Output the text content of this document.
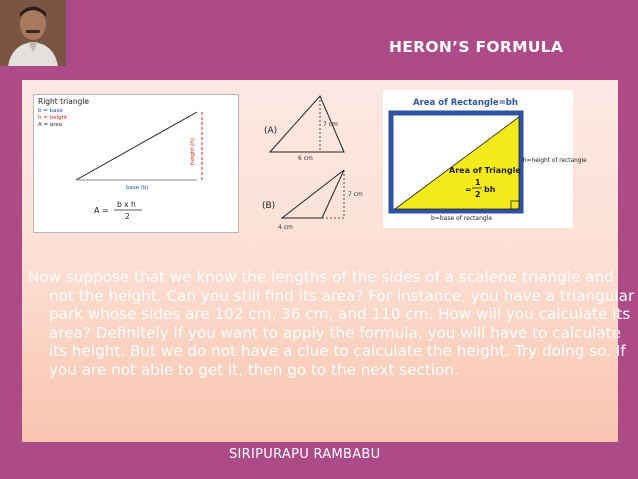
HERON’S FORMULA
Right triangle
b = base
h = height
A = area
height (h)
base (b)
A =
b x h
2
(A)
7 cm
6 cm
(B)
7 cm
4 cm
Area of Rectangle=bh
Area of Triangle
1
=
2
bh
h=height of rectangle
b=base of rectangle

Now suppose that we know the lengths of the sides of a scalene triangle and not the height. Can you still find its area? For instance, you have a triangular park whose sides are 102 cm, 36 cm, and 110 cm. How will you calculate its area? Definitely if you want to apply the formula, you will have to calculate its height. But we do not have a clue to calculate the height. Try doing so. If you are not able to get it, then go to the next section.

SIRIPURAPU RAMBABU
